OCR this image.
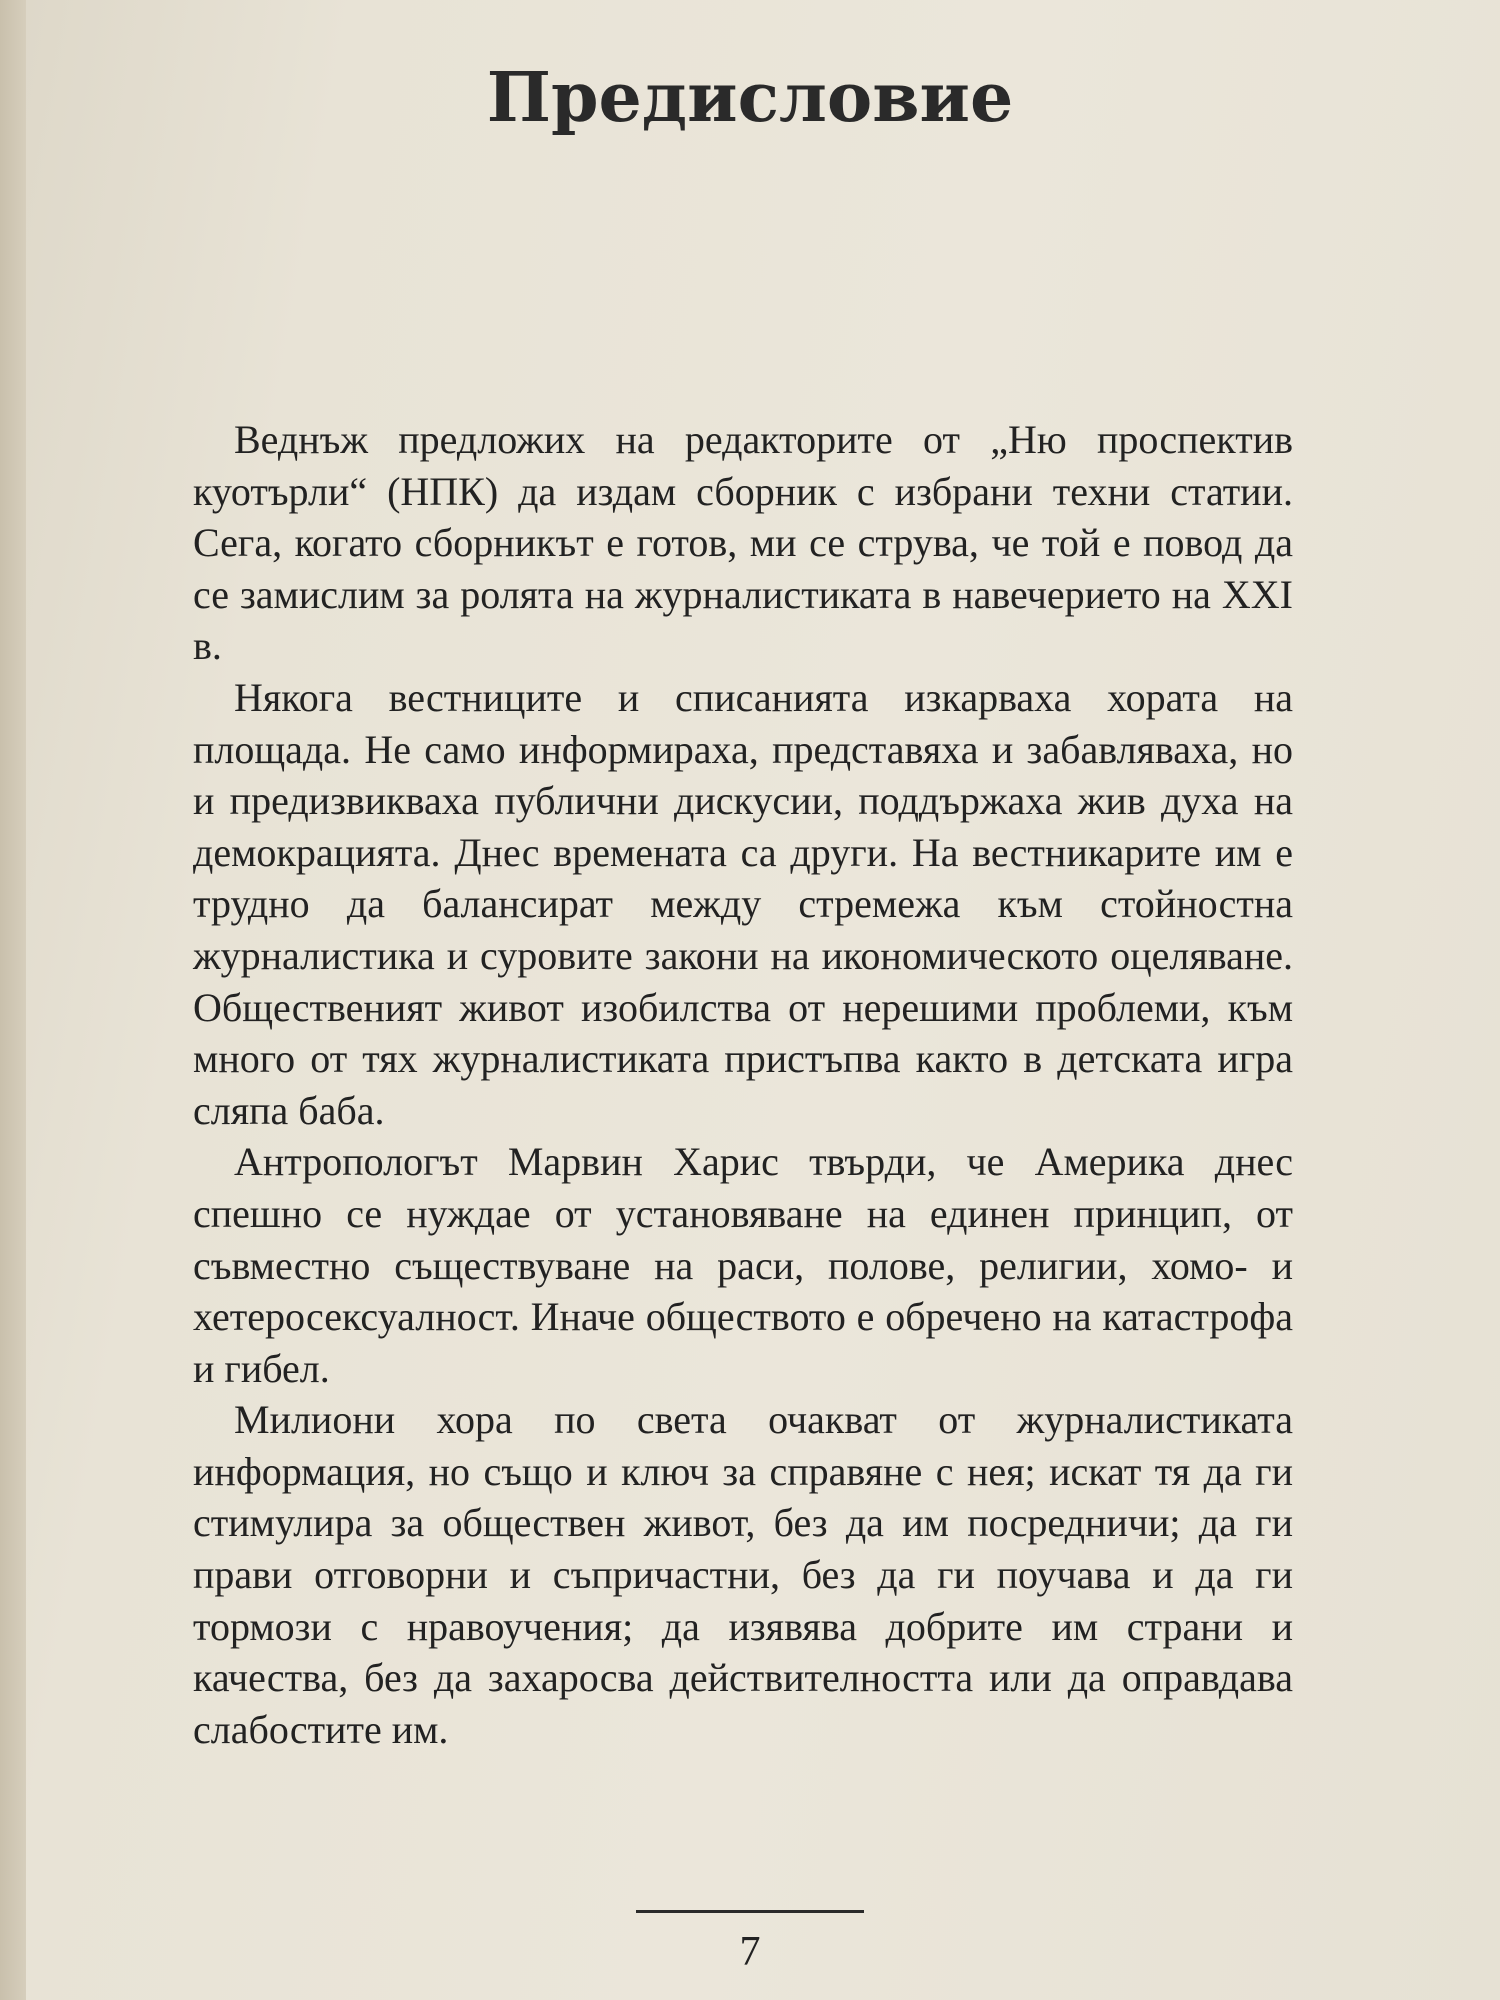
Предисловие

Веднъж предложих на редакторите от „Ню проспектив куотърли“ (НПК) да издам сборник с избрани техни статии. Сега, когато сборникът е готов, ми се струва, че той е повод да се замислим за ролята на журналистиката в навечерието на XXI в.

Някога вестниците и списанията изкарваха хората на площада. Не само информираха, представяха и забавляваха, но и предизвикваха публични дискусии, поддържаха жив духа на демокрацията. Днес времената са други. На вестникарите им е трудно да балансират между стремежа към стойностна журналистика и суровите закони на икономическото оцеляване. Общественият живот изобилства от нерешими проблеми, към много от тях журналистиката пристъпва както в детската игра сляпа баба.

Антропологът Марвин Харис твърди, че Америка днес спешно се нуждае от установяване на единен принцип, от съвместно съществуване на раси, полове, религии, хомо- и хетеросексуалност. Иначе обществото е обречено на катастрофа и гибел.

Милиони хора по света очакват от журналистиката информация, но също и ключ за справяне с нея; искат тя да ги стимулира за обществен живот, без да им посредничи; да ги прави отговорни и съпричастни, без да ги поучава и да ги тормози с нравоучения; да изявява добрите им страни и качества, без да захаросва действителността или да оправдава слабостите им.

7
